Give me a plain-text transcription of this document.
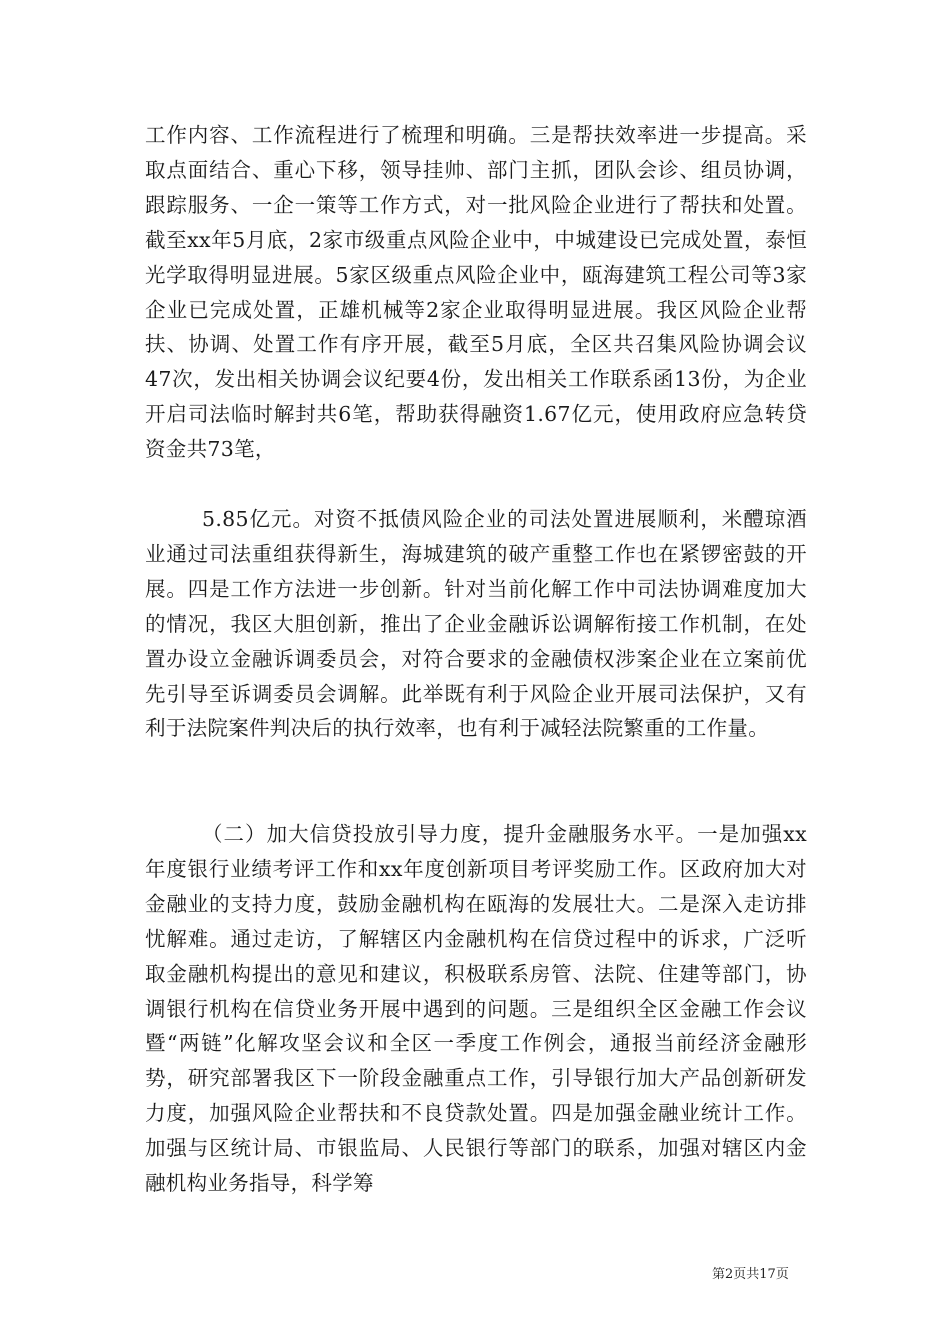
工作内容、工作流程进行了梳理和明确。三是帮扶效率进一步提高。采取点面结合、重心下移，领导挂帅、部门主抓，团队会诊、组员协调，跟踪服务、一企一策等工作方式，对一批风险企业进行了帮扶和处置。截至xx年5月底，2家市级重点风险企业中，中城建设已完成处置，泰恒光学取得明显进展。5家区级重点风险企业中，瓯海建筑工程公司等3家企业已完成处置，正雄机械等2家企业取得明显进展。我区风险企业帮扶、协调、处置工作有序开展，截至5月底，全区共召集风险协调会议47次，发出相关协调会议纪要4份，发出相关工作联系函13份，为企业开启司法临时解封共6笔，帮助获得融资1.67亿元，使用政府应急转贷资金共73笔，

5.85亿元。对资不抵债风险企业的司法处置进展顺利，米醴琼酒业通过司法重组获得新生，海城建筑的破产重整工作也在紧锣密鼓的开展。四是工作方法进一步创新。针对当前化解工作中司法协调难度加大的情况，我区大胆创新，推出了企业金融诉讼调解衔接工作机制，在处置办设立金融诉调委员会，对符合要求的金融债权涉案企业在立案前优先引导至诉调委员会调解。此举既有利于风险企业开展司法保护，又有利于法院案件判决后的执行效率，也有利于减轻法院繁重的工作量。

（二）加大信贷投放引导力度，提升金融服务水平。一是加强xx年度银行业绩考评工作和xx年度创新项目考评奖励工作。区政府加大对金融业的支持力度，鼓励金融机构在瓯海的发展壮大。二是深入走访排忧解难。通过走访，了解辖区内金融机构在信贷过程中的诉求，广泛听取金融机构提出的意见和建议，积极联系房管、法院、住建等部门，协调银行机构在信贷业务开展中遇到的问题。三是组织全区金融工作会议暨“两链”化解攻坚会议和全区一季度工作例会，通报当前经济金融形势，研究部署我区下一阶段金融重点工作，引导银行加大产品创新研发力度，加强风险企业帮扶和不良贷款处置。四是加强金融业统计工作。加强与区统计局、市银监局、人民银行等部门的联系，加强对辖区内金融机构业务指导，科学筹

第2页共17页
